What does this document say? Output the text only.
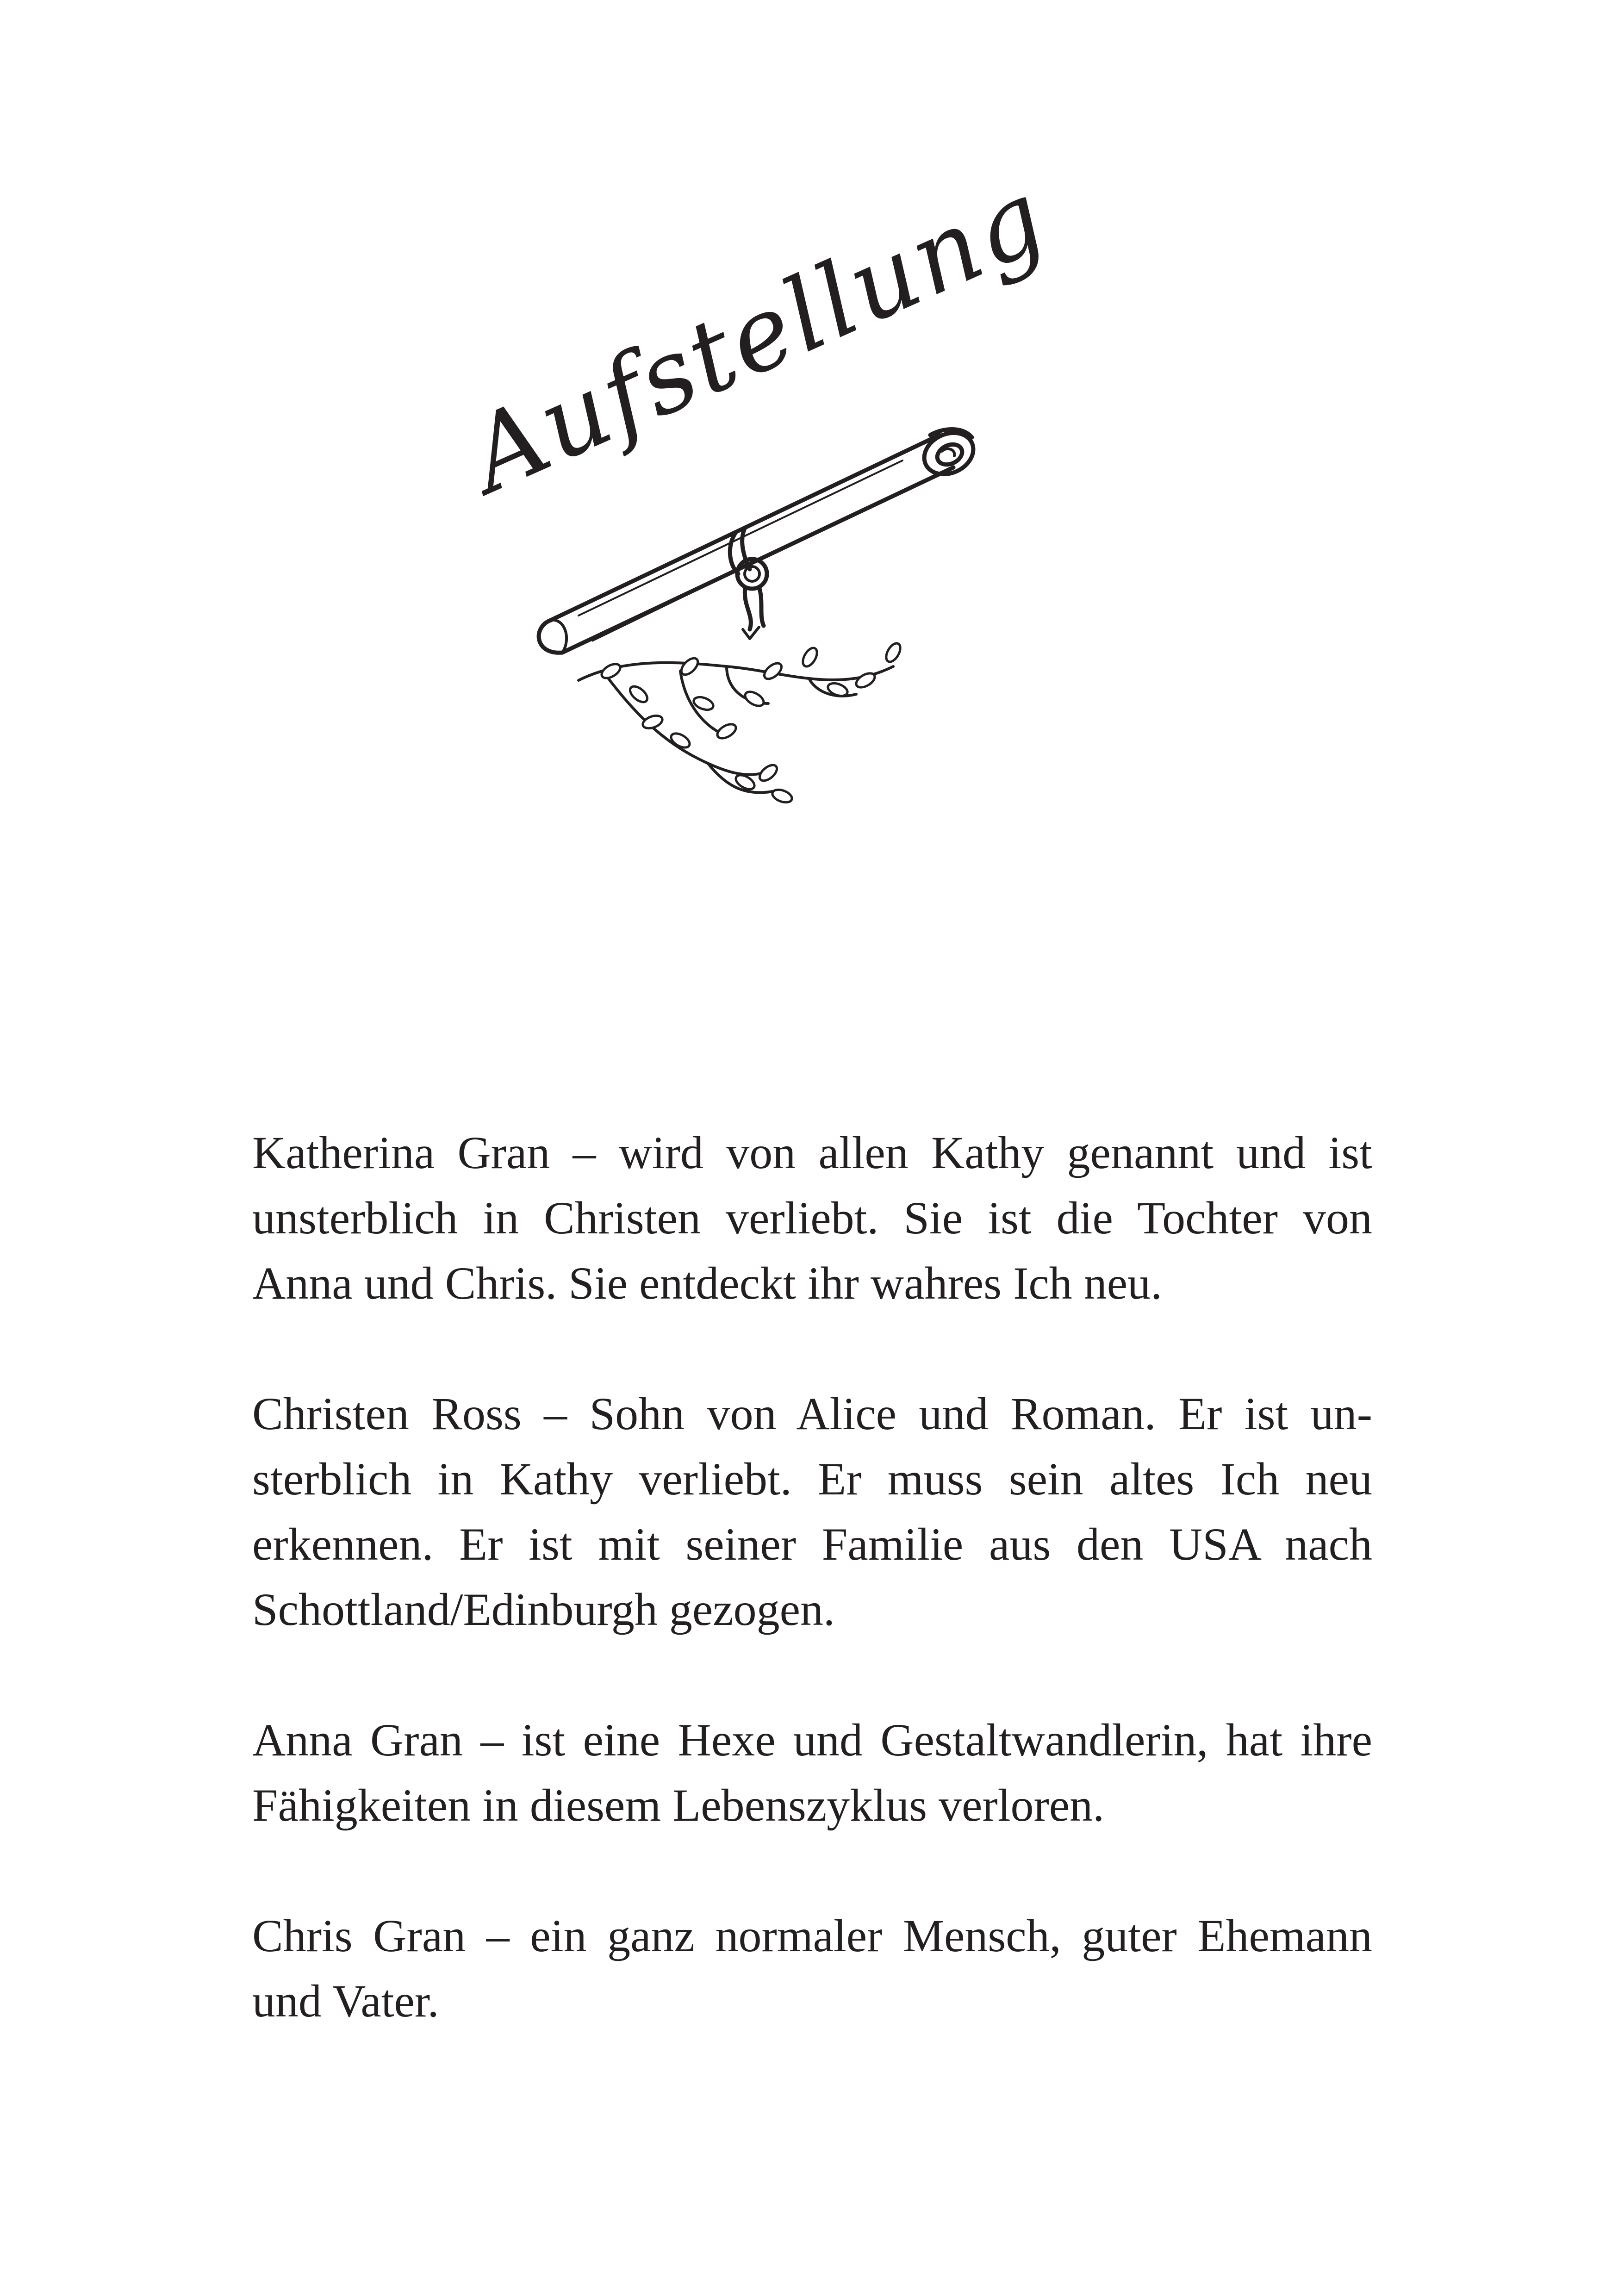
Aufstellung

Katherina Gran – wird von allen Kathy genannt und ist unsterblich in Christen verliebt. Sie ist die Tochter von Anna und Chris. Sie entdeckt ihr wahres Ich neu.

Christen Ross – Sohn von Alice und Roman. Er ist unsterblich in Kathy verliebt. Er muss sein altes Ich neu erkennen. Er ist mit seiner Familie aus den USA nach Schottland/Edinburgh gezogen.

Anna Gran – ist eine Hexe und Gestaltwandlerin, hat ihre Fähigkeiten in diesem Lebenszyklus verloren.

Chris Gran – ein ganz normaler Mensch, guter Ehemann und Vater.
